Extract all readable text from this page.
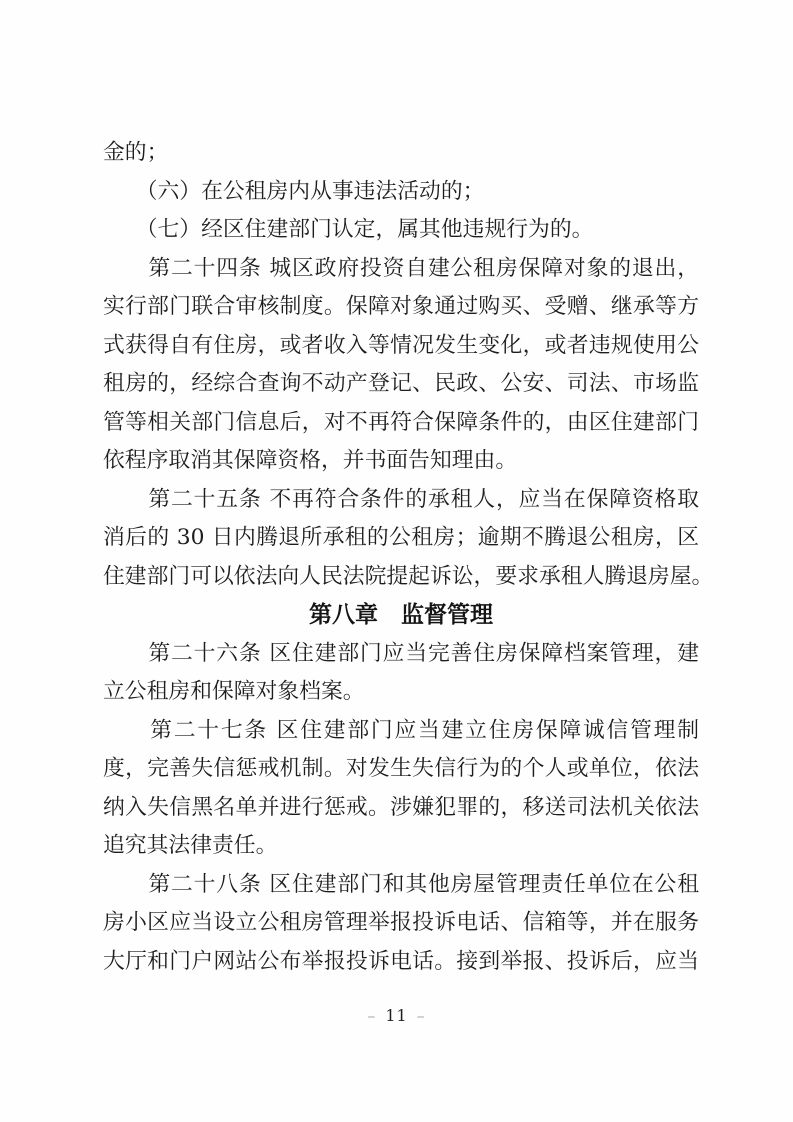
金的；
　　（六）在公租房内从事违法活动的；
　　（七）经区住建部门认定，属其他违规行为的。
　　第二十四条 城区政府投资自建公租房保障对象的退出，
实行部门联合审核制度。保障对象通过购买、受赠、继承等方
式获得自有住房，或者收入等情况发生变化，或者违规使用公
租房的，经综合查询不动产登记、民政、公安、司法、市场监
管等相关部门信息后，对不再符合保障条件的，由区住建部门
依程序取消其保障资格，并书面告知理由。
　　第二十五条 不再符合条件的承租人，应当在保障资格取
消后的 30 日内腾退所承租的公租房；逾期不腾退公租房，区
住建部门可以依法向人民法院提起诉讼，要求承租人腾退房屋。
第八章　监督管理
　　第二十六条 区住建部门应当完善住房保障档案管理，建
立公租房和保障对象档案。
　　第二十七条 区住建部门应当建立住房保障诚信管理制
度，完善失信惩戒机制。对发生失信行为的个人或单位，依法
纳入失信黑名单并进行惩戒。涉嫌犯罪的，移送司法机关依法
追究其法律责任。
　　第二十八条 区住建部门和其他房屋管理责任单位在公租
房小区应当设立公租房管理举报投诉电话、信箱等，并在服务
大厅和门户网站公布举报投诉电话。接到举报、投诉后，应当
– 11 –
